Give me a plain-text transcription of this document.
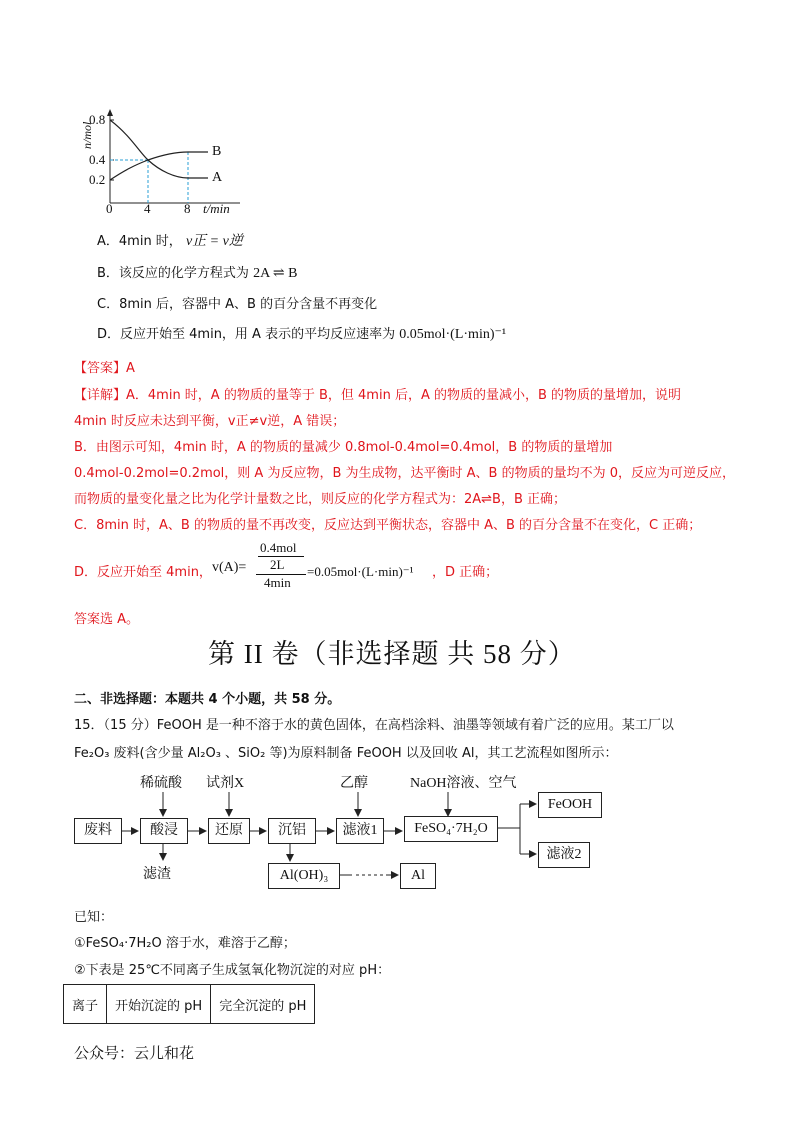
n/mol
0.8
0.4
0.2
0 4	8 t/min
B
A
A．4min 时， v正 = v逆
B．该反应的化学方程式为 2A ⇌ B
C．8min 后，容器中 A、B 的百分含量不再变化
D．反应开始至 4min，用 A 表示的平均反应速率为 0.05mol·(L·min)⁻¹
【答案】A
【详解】A．4min 时，A 的物质的量等于 B，但 4min 后，A 的物质的量减小，B 的物质的量增加，说明
4min 时反应未达到平衡，v正≠v逆，A 错误；
B．由图示可知，4min 时，A 的物质的量减少 0.8mol-0.4mol=0.4mol，B 的物质的量增加
0.4mol-0.2mol=0.2mol，则 A 为反应物，B 为生成物，达平衡时 A、B 的物质的量均不为 0，反应为可逆反应，
而物质的量变化量之比为化学计量数之比，则反应的化学方程式为：2A⇌B，B 正确；
C．8min 时，A、B 的物质的量不再改变，反应达到平衡状态，容器中 A、B 的百分含量不在变化，C 正确；
D．反应开始至 4min， v(A)=
0.4mol
2L
4min
=0.05mol·(L·min)⁻¹ ，D 正确；
答案选 A。
第 II 卷（非选择题 共 58 分）
二、非选择题：本题共 4 个小题，共 58 分。
15．（15 分）FeOOH 是一种不溶于水的黄色固体，在高档涂料、油墨等领域有着广泛的应用。某工厂以
Fe₂O₃ 废料(含少量 Al₂O₃ 、SiO₂ 等)为原料制备 FeOOH 以及回收 Al，其工艺流程如图所示：
废料	酸浸	还原	沉铝	滤液1	FeSO₄·7H₂O
FeOOH
滤液2
Al(OH)₃	Al
稀硫酸 试剂X	乙醇	NaOH溶液、空气
滤渣
已知：
①FeSO₄·7H₂O 溶于水，难溶于乙醇；
②下表是 25℃不同离子生成氢氧化物沉淀的对应 pH：
离子	开始沉淀的 pH	完全沉淀的 pH
公众号：云儿和花
